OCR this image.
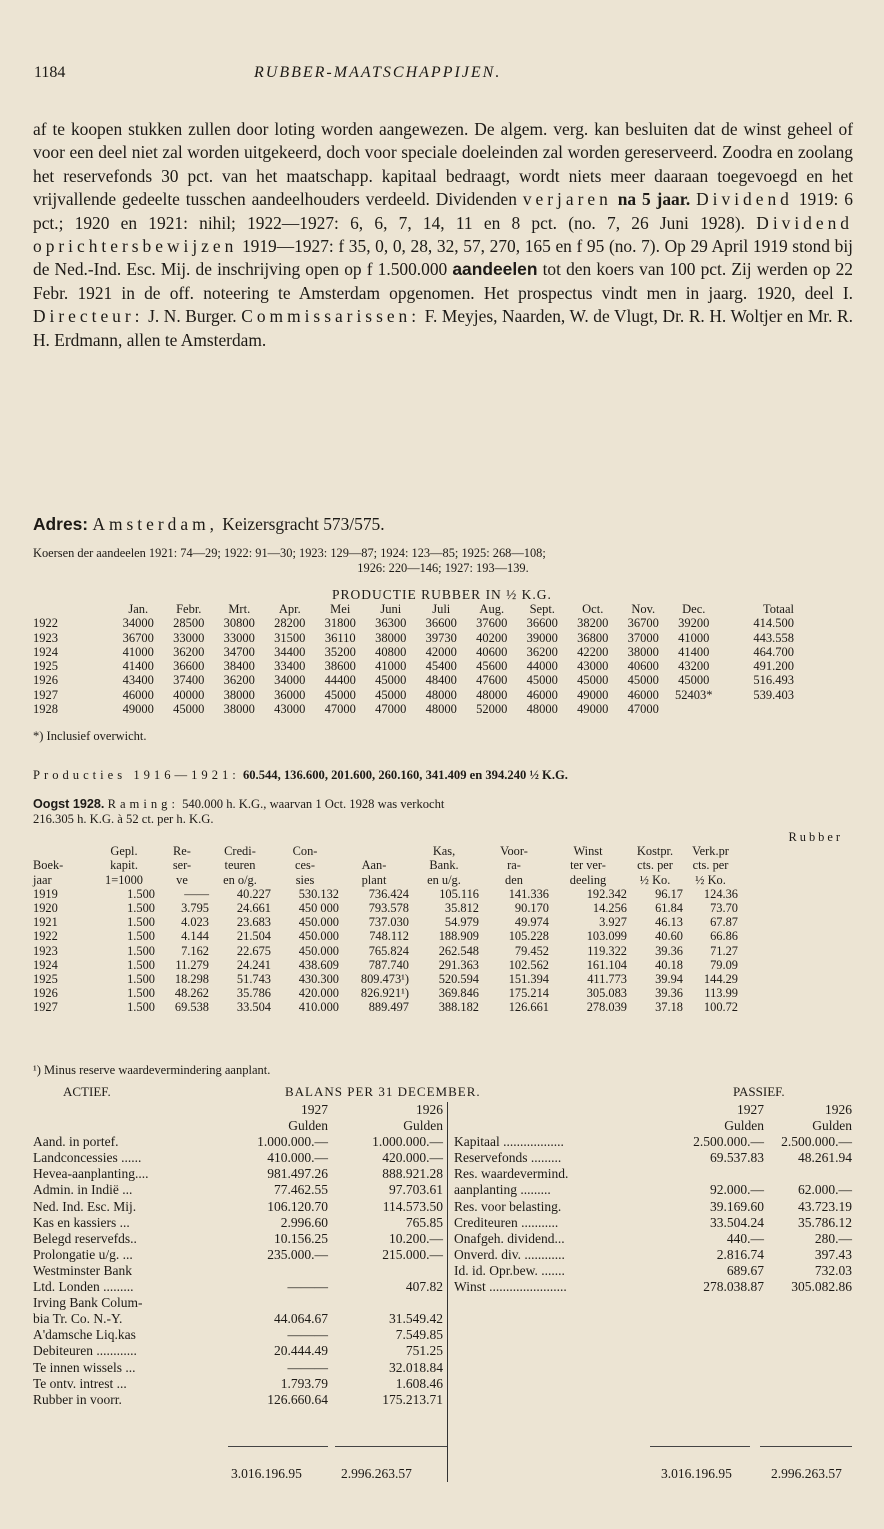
1184	RUBBER-MAATSCHAPPIJEN.

af te koopen stukken zullen door loting worden aangewezen. De algem. verg. kan besluiten dat de winst geheel of voor een deel niet zal worden uitgekeerd, doch voor speciale doeleinden zal worden gereserveerd. Zoodra en zoolang het reservefonds 30 pct. van het maatschapp. kapitaal bedraagt, wordt niets meer daaraan toegevoegd en het vrijvallende gedeelte tusschen aandeelhouders verdeeld. Dividenden verjaren na 5 jaar. Dividend 1919: 6 pct.; 1920 en 1921: nihil; 1922—1927: 6, 6, 7, 14, 11 en 8 pct. (no. 7, 26 Juni 1928). Dividend oprichtersbewijzen 1919—1927: f 35, 0, 0, 28, 32, 57, 270, 165 en f 95 (no. 7). Op 29 April 1919 stond bij de Ned.-Ind. Esc. Mij. de inschrijving open op f 1.500.000 aandeelen tot den koers van 100 pct. Zij werden op 22 Febr. 1921 in de off. noteering te Amsterdam opgenomen. Het prospectus vindt men in jaarg. 1920, deel I. Directeur: J. N. Burger. Commissarissen: F. Meyjes, Naarden, W. de Vlugt, Dr. R. H. Woltjer en Mr. R. H. Erdmann, allen te Amsterdam.

Adres: Amsterdam, Keizersgracht 573/575.
Koersen der aandeelen 1921: 74—29; 1922: 91—30; 1923: 129—87; 1924: 123—85; 1925: 268—108;
1926: 220—146; 1927: 193—139.
PRODUCTIE RUBBER IN ½ K.G.
Jan.	Febr.	Mrt.	Apr.	Mei	Juni	Juli	Aug.	Sept.	Oct.	Nov.	Dec.	Totaal
1922	34000	28500	30800	28200	31800	36300	36600	37600	36600	38200	36700	39200	414.500
1923	36700	33000	33000	31500	36110	38000	39730	40200	39000	36800	37000	41000	443.558
1924	41000	36200	34700	34400	35200	40800	42000	40600	36200	42200	38000	41400	464.700
1925	41400	36600	38400	33400	38600	41000	45400	45600	44000	43000	40600	43200	491.200
1926	43400	37400	36200	34000	44400	45000	48400	47600	45000	45000	45000	45000	516.493
1927	46000	40000	38000	36000	45000	45000	48000	48000	46000	49000	46000	52403*	539.403
1928	49000	45000	38000	43000	47000	47000	48000	52000	48000	49000	47000
*) Inclusief overwicht.
Producties 1916—1921: 60.544, 136.600, 201.600, 260.160, 341.409 en 394.240 ½ K.G.
Oogst 1928. Raming: 540.000 h. K.G., waarvan 1 Oct. 1928 was verkocht
216.305 h. K.G. à 52 ct. per h. K.G.
Rubber
Gepl.	Re-	Credi-	Con-	Kas,	Voor-	Winst	Kostpr.	Verk.pr
Boek-	kapit.	ser-	teuren	ces-	Aan-	Bank.	ra-	ter ver-	cts. per	cts. per
jaar	1=1000	ve	en o/g.	sies	plant	en u/g.	den	deeling	½ Ko.	½ Ko.
1919	1.500	——	40.227	530.132	736.424	105.116	141.336	192.342	96.17	124.36
1920	1.500	3.795	24.661	450 000	793.578	35.812	90.170	14.256	61.84	73.70
1921	1.500	4.023	23.683	450.000	737.030	54.979	49.974	3.927	46.13	67.87
1922	1.500	4.144	21.504	450.000	748.112	188.909	105.228	103.099	40.60	66.86
1923	1.500	7.162	22.675	450.000	765.824	262.548	79.452	119.322	39.36	71.27
1924	1.500	11.279	24.241	438.609	787.740	291.363	102.562	161.104	40.18	79.09
1925	1.500	18.298	51.743	430.300	809.473¹)	520.594	151.394	411.773	39.94	144.29
1926	1.500	48.262	35.786	420.000	826.921¹)	369.846	175.214	305.083	39.36	113.99
1927	1.500	69.538	33.504	410.000	889.497	388.182	126.661	278.039	37.18	100.72
¹) Minus reserve waardevermindering aanplant.
ACTIEF.	BALANS PER 31 DECEMBER.	PASSIEF.
1927	1926
Gulden	Gulden
Aand. in portef.	1.000.000.—	1.000.000.—
Landconcessies ......	410.000.—	420.000.—
Hevea-aanplanting....	981.497.26	888.921.28
Admin. in Indië ...	77.462.55	97.703.61
Ned. Ind. Esc. Mij.	106.120.70	114.573.50
Kas en kassiers ...	2.996.60	765.85
Belegd reservefds..	10.156.25	10.200.—
Prolongatie u/g. ...	235.000.—	215.000.—
Westminster Bank
Ltd. Londen .........	———	407.82
Irving Bank Colum-
bia Tr. Co. N.-Y.	44.064.67	31.549.42
A'damsche Liq.kas	———	7.549.85
Debiteuren ............	20.444.49	751.25
Te innen wissels ...	———	32.018.84
Te ontv. intrest ...	1.793.79	1.608.46
Rubber in voorr.	126.660.64	175.213.71
1927	1926
Gulden	Gulden
Kapitaal ..................	2.500.000.—	2.500.000.—
Reservefonds .........	69.537.83	48.261.94
Res. waardevermind.
aanplanting .........	92.000.—	62.000.—
Res. voor belasting.	39.169.60	43.723.19
Crediteuren ...........	33.504.24	35.786.12
Onafgeh. dividend...	440.—	280.—
Onverd. div. ............	2.816.74	397.43
Id. id. Opr.bew. .......	689.67	732.03
Winst .......................	278.038.87	305.082.86
3.016.196.95	2.996.263.57	3.016.196.95	2.996.263.57
